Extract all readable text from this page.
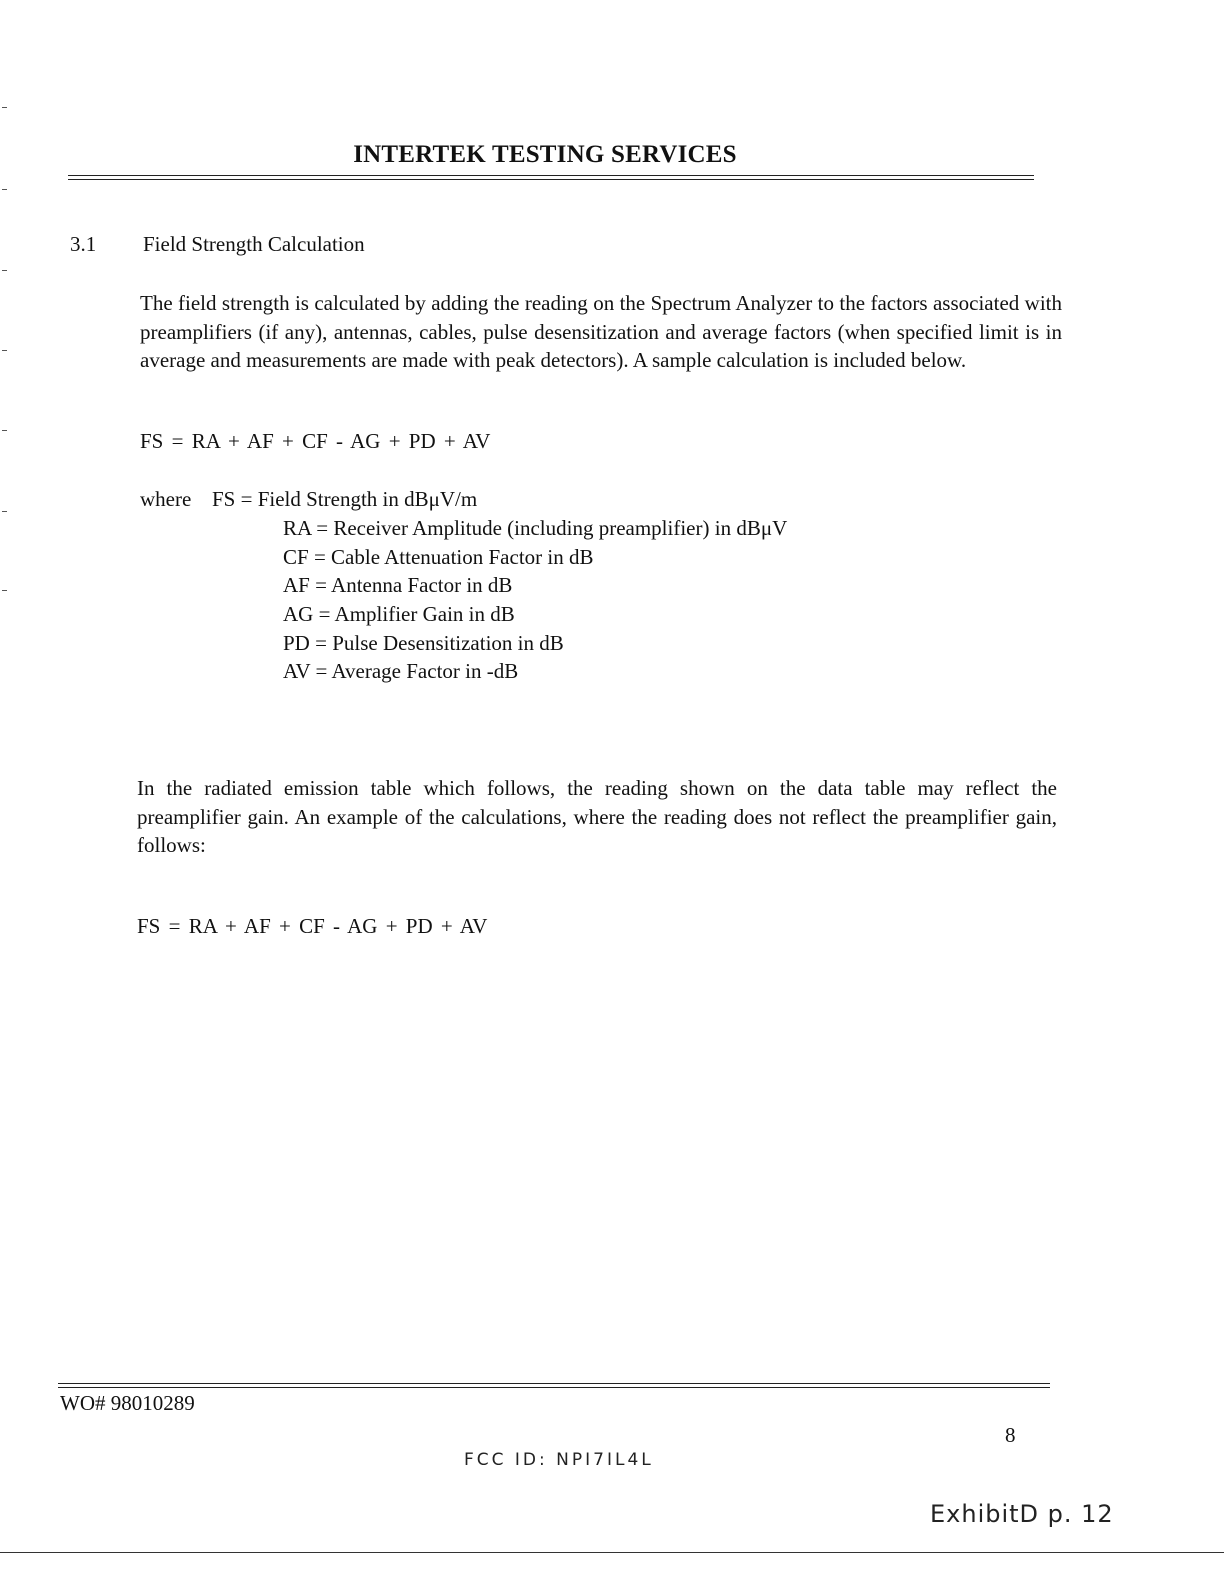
INTERTEK TESTING SERVICES
3.1 Field Strength Calculation
The field strength is calculated by adding the reading on the Spectrum Analyzer to the factors associated with preamplifiers (if any), antennas, cables, pulse desensitization and average factors (when specified limit is in average and measurements are made with peak detectors). A sample calculation is included below.
FS = RA + AF + CF - AG + PD + AV
where FS = Field Strength in dBμV/m
RA = Receiver Amplitude (including preamplifier) in dBμV
CF = Cable Attenuation Factor in dB
AF = Antenna Factor in dB
AG = Amplifier Gain in dB
PD = Pulse Desensitization in dB
AV = Average Factor in -dB
In the radiated emission table which follows, the reading shown on the data table may reflect the preamplifier gain. An example of the calculations, where the reading does not reflect the preamplifier gain, follows:
FS = RA + AF + CF - AG + PD + AV
WO# 98010289
8
FCC ID: NPI7IL4L
ExhibitD p. 12
